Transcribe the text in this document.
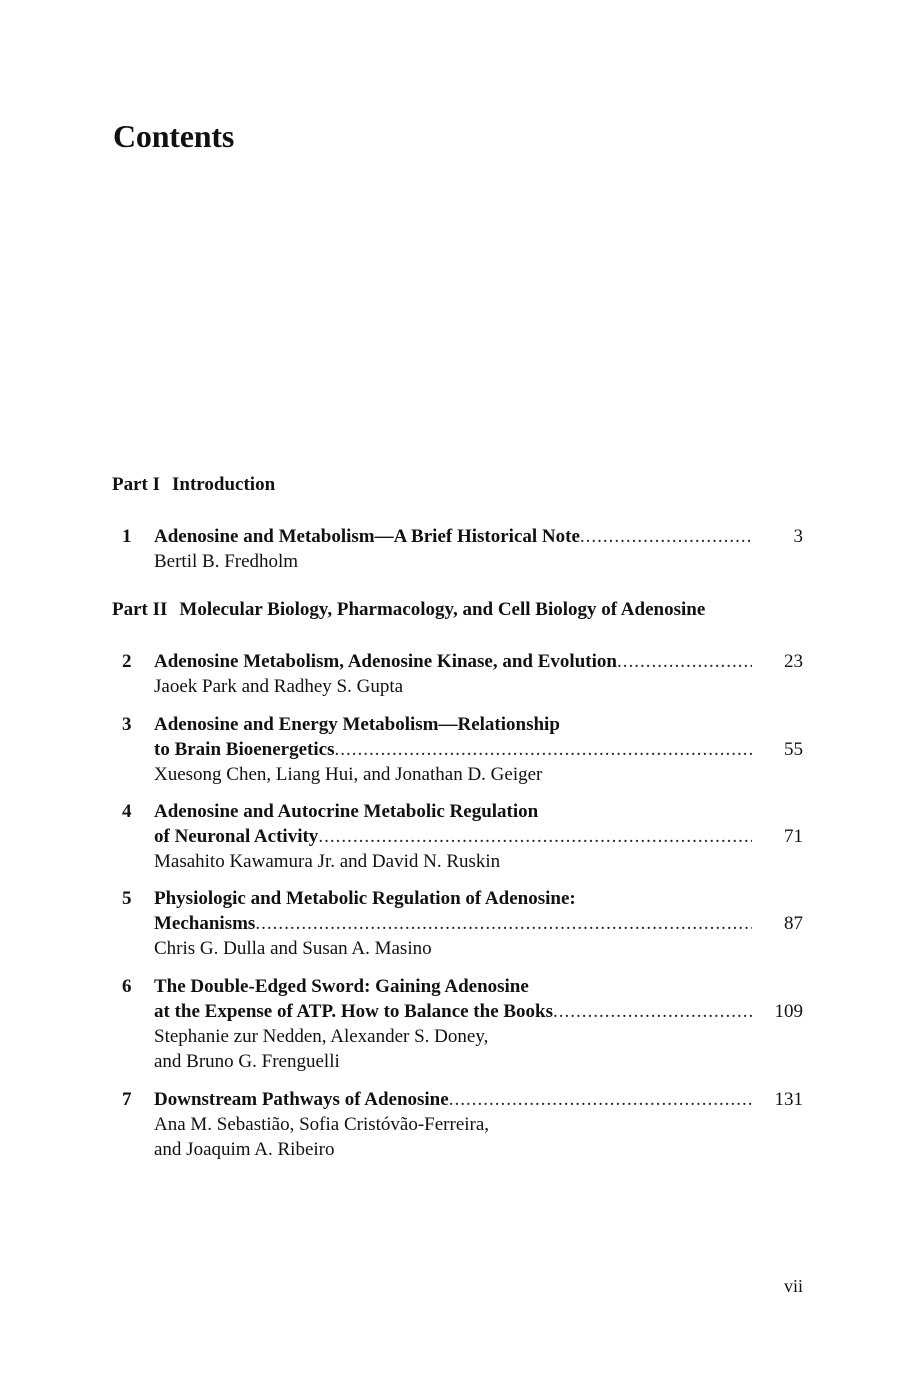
Contents
Part I Introduction
1 Adenosine and Metabolism—A Brief Historical Note
.....
Bertil B. Fredholm
3
Part II Molecular Biology, Pharmacology, and Cell Biology of Adenosine
2 Adenosine Metabolism, Adenosine Kinase, and Evolution
.....
Jaoek Park and Radhey S. Gupta
23
3 Adenosine and Energy Metabolism—Relationship
to Brain Bioenergetics
.....
Xuesong Chen, Liang Hui, and Jonathan D. Geiger
55
4 Adenosine and Autocrine Metabolic Regulation
of Neuronal Activity
.....
Masahito Kawamura Jr. and David N. Ruskin
71
5 Physiologic and Metabolic Regulation of Adenosine:
Mechanisms
.....
Chris G. Dulla and Susan A. Masino
87
6 The Double-Edged Sword: Gaining Adenosine
at the Expense of ATP. How to Balance the Books
.....
Stephanie zur Nedden, Alexander S. Doney,
and Bruno G. Frenguelli
109
7 Downstream Pathways of Adenosine
.....
Ana M. Sebastião, Sofia Cristóvão-Ferreira,
and Joaquim A. Ribeiro
131
vii
